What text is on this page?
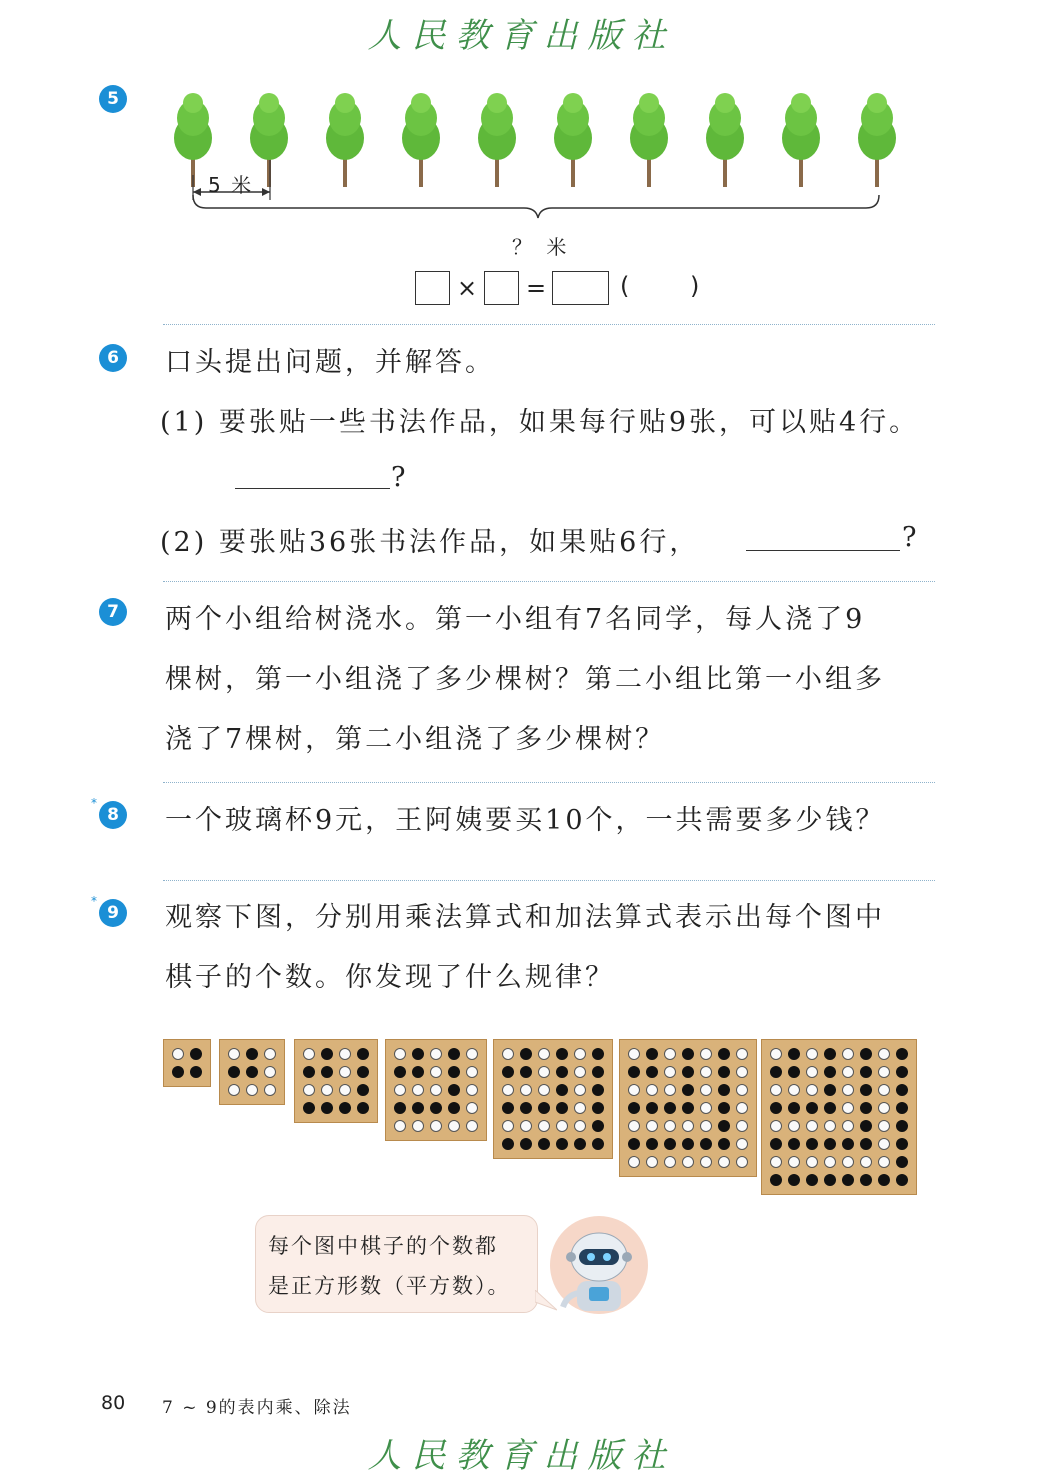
人民教育出版社
5
5 米
？ 米
× =	(	)
6 口头提出问题，并解答。
(1) 要张贴一些书法作品，如果每行贴9张，可以贴4行。
?
(2) 要张贴36张书法作品，如果贴6行，	?
7 两个小组给树浇水。第一小组有7名同学，每人浇了9
棵树，第一小组浇了多少棵树？第二小组比第一小组多
浇了7棵树，第二小组浇了多少棵树？
*
8 一个玻璃杯9元，王阿姨要买10个，一共需要多少钱？
*
9 观察下图，分别用乘法算式和加法算式表示出每个图中
棋子的个数。你发现了什么规律？
每个图中棋子的个数都
是正方形数（平方数）。
80 7 ~ 9的表内乘、除法
人民教育出版社
